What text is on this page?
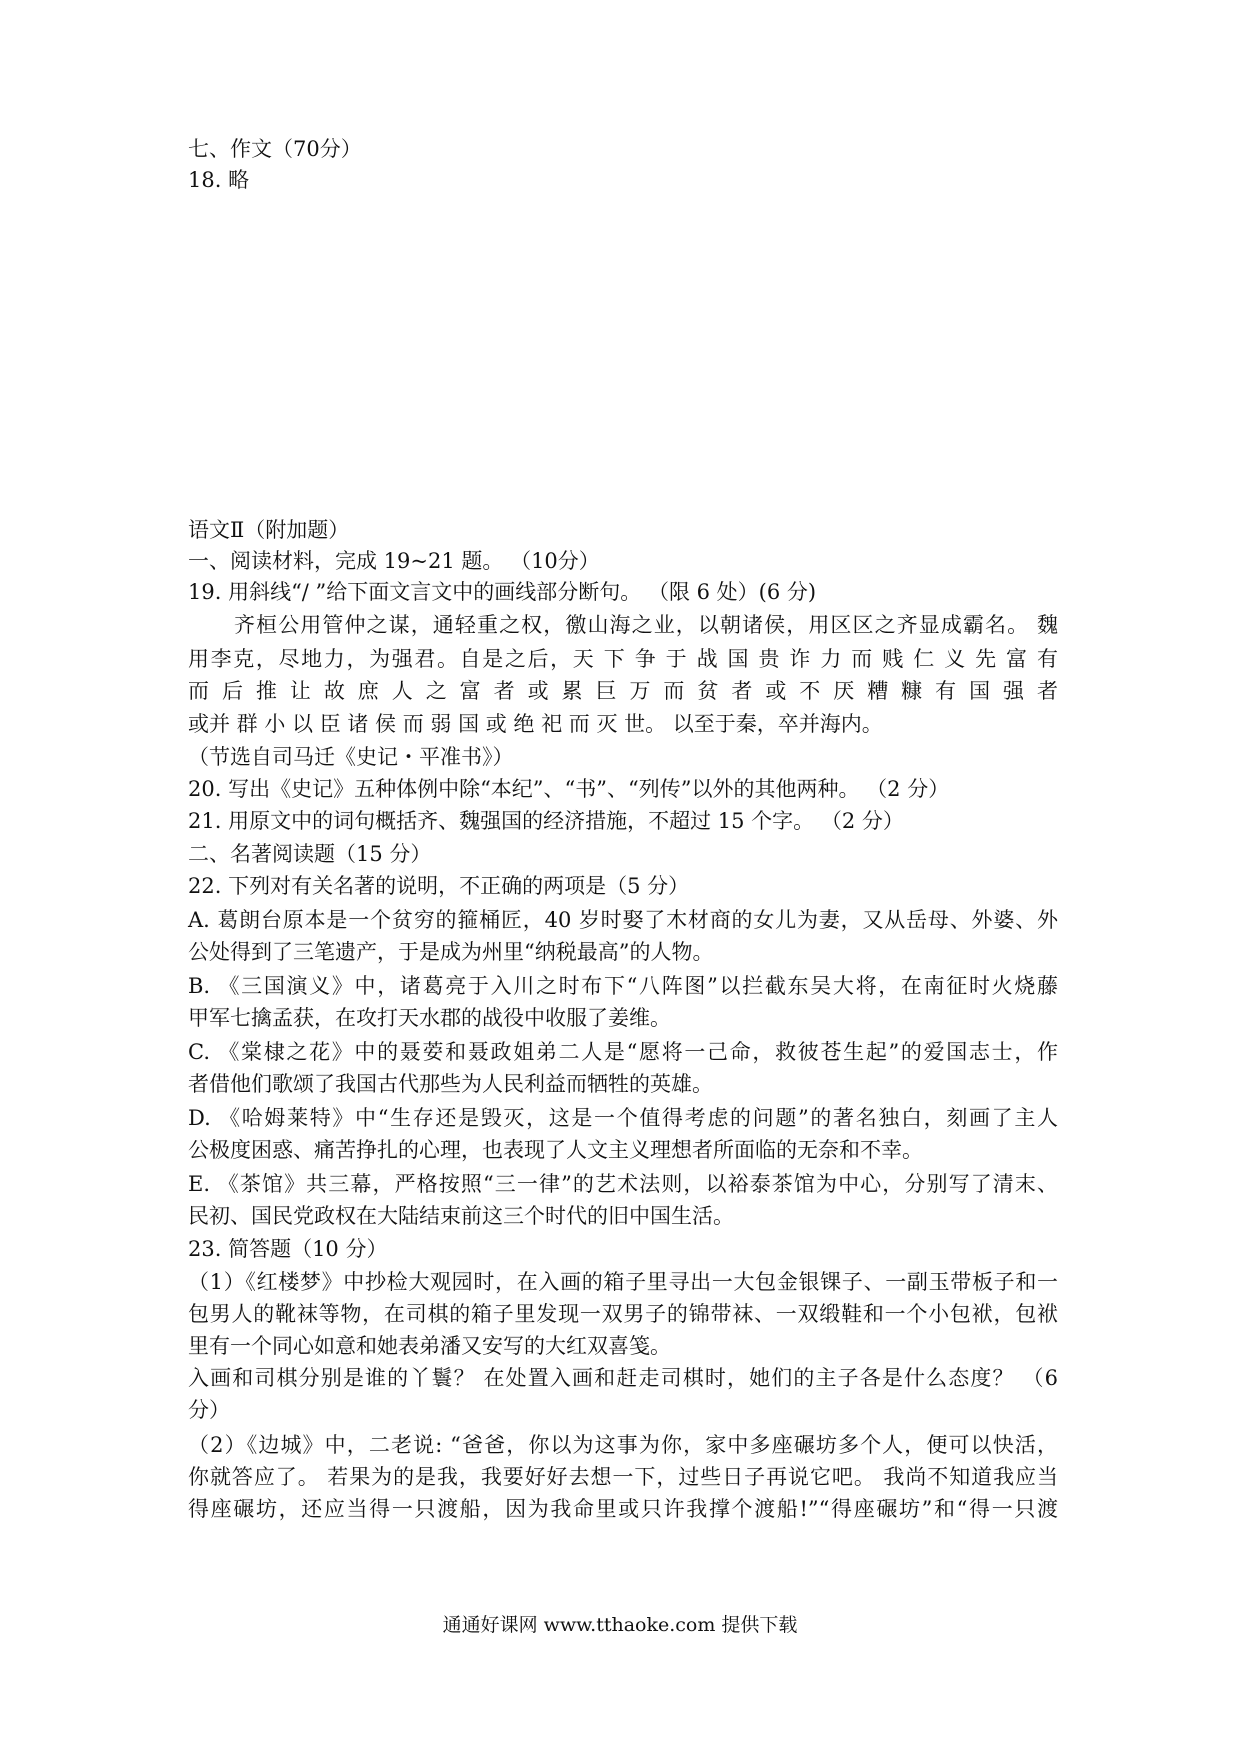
七、作文（70分）
18. 略
语文Ⅱ（附加题）
一、阅读材料，完成 19~21 题。 （10分）
19. 用斜线“/ ”给下面文言文中的画线部分断句。 （限 6 处）(6 分)
齐桓公用管仲之谋，通轻重之权，徼山海之业，以朝诸侯，用区区之齐显成霸名。 魏
用李克，尽地力，为强君。自是之后，天 下 争 于 战 国 贵 诈 力 而 贱 仁 义 先 富 有
而 后 推 让 故 庶 人 之 富 者 或 累 巨 万 而 贫 者 或 不 厌 糟 糠 有 国 强 者
或并 群 小 以 臣 诸 侯 而 弱 国 或 绝 祀 而 灭 世。 以至于秦，卒并海内。
（节选自司马迁《史记・平准书》）
20. 写出《史记》五种体例中除“本纪”、“书”、“列传”以外的其他两种。 （2 分）
21. 用原文中的词句概括齐、魏强国的经济措施，不超过 15 个字。 （2 分）
二、名著阅读题（15 分）
22. 下列对有关名著的说明，不正确的两项是（5 分）
A. 葛朗台原本是一个贫穷的箍桶匠，40 岁时娶了木材商的女儿为妻，又从岳母、外婆、外
公处得到了三笔遗产，于是成为州里“纳税最高”的人物。
B. 《三国演义》中，诸葛亮于入川之时布下“八阵图”以拦截东吴大将，在南征时火烧藤
甲军七擒孟获，在攻打天水郡的战役中收服了姜维。
C. 《棠棣之花》中的聂荌和聂政姐弟二人是“愿将一己命，救彼苍生起”的爱国志士，作
者借他们歌颂了我国古代那些为人民利益而牺牲的英雄。
D. 《哈姆莱特》中“生存还是毁灭，这是一个值得考虑的问题”的著名独白，刻画了主人
公极度困惑、痛苦挣扎的心理，也表现了人文主义理想者所面临的无奈和不幸。
E. 《茶馆》共三幕，严格按照“三一律”的艺术法则，以裕泰茶馆为中心，分别写了清末、
民初、国民党政权在大陆结束前这三个时代的旧中国生活。
23. 简答题（10 分）
（1）《红楼梦》中抄检大观园时，在入画的箱子里寻出一大包金银锞子、一副玉带板子和一
包男人的靴袜等物，在司棋的箱子里发现一双男子的锦带袜、一双缎鞋和一个小包袱，包袱
里有一个同心如意和她表弟潘又安写的大红双喜笺。
入画和司棋分别是谁的丫鬟？ 在处置入画和赶走司棋时，她们的主子各是什么态度？ （6
分）
（2）《边城》中，二老说: “爸爸，你以为这事为你，家中多座碾坊多个人，便可以快活，
你就答应了。 若果为的是我，我要好好去想一下，过些日子再说它吧。 我尚不知道我应当
得座碾坊，还应当得一只渡船，因为我命里或只许我撑个渡船!”“得座碾坊”和“得一只渡
通通好课网 www.tthaoke.com 提供下载
